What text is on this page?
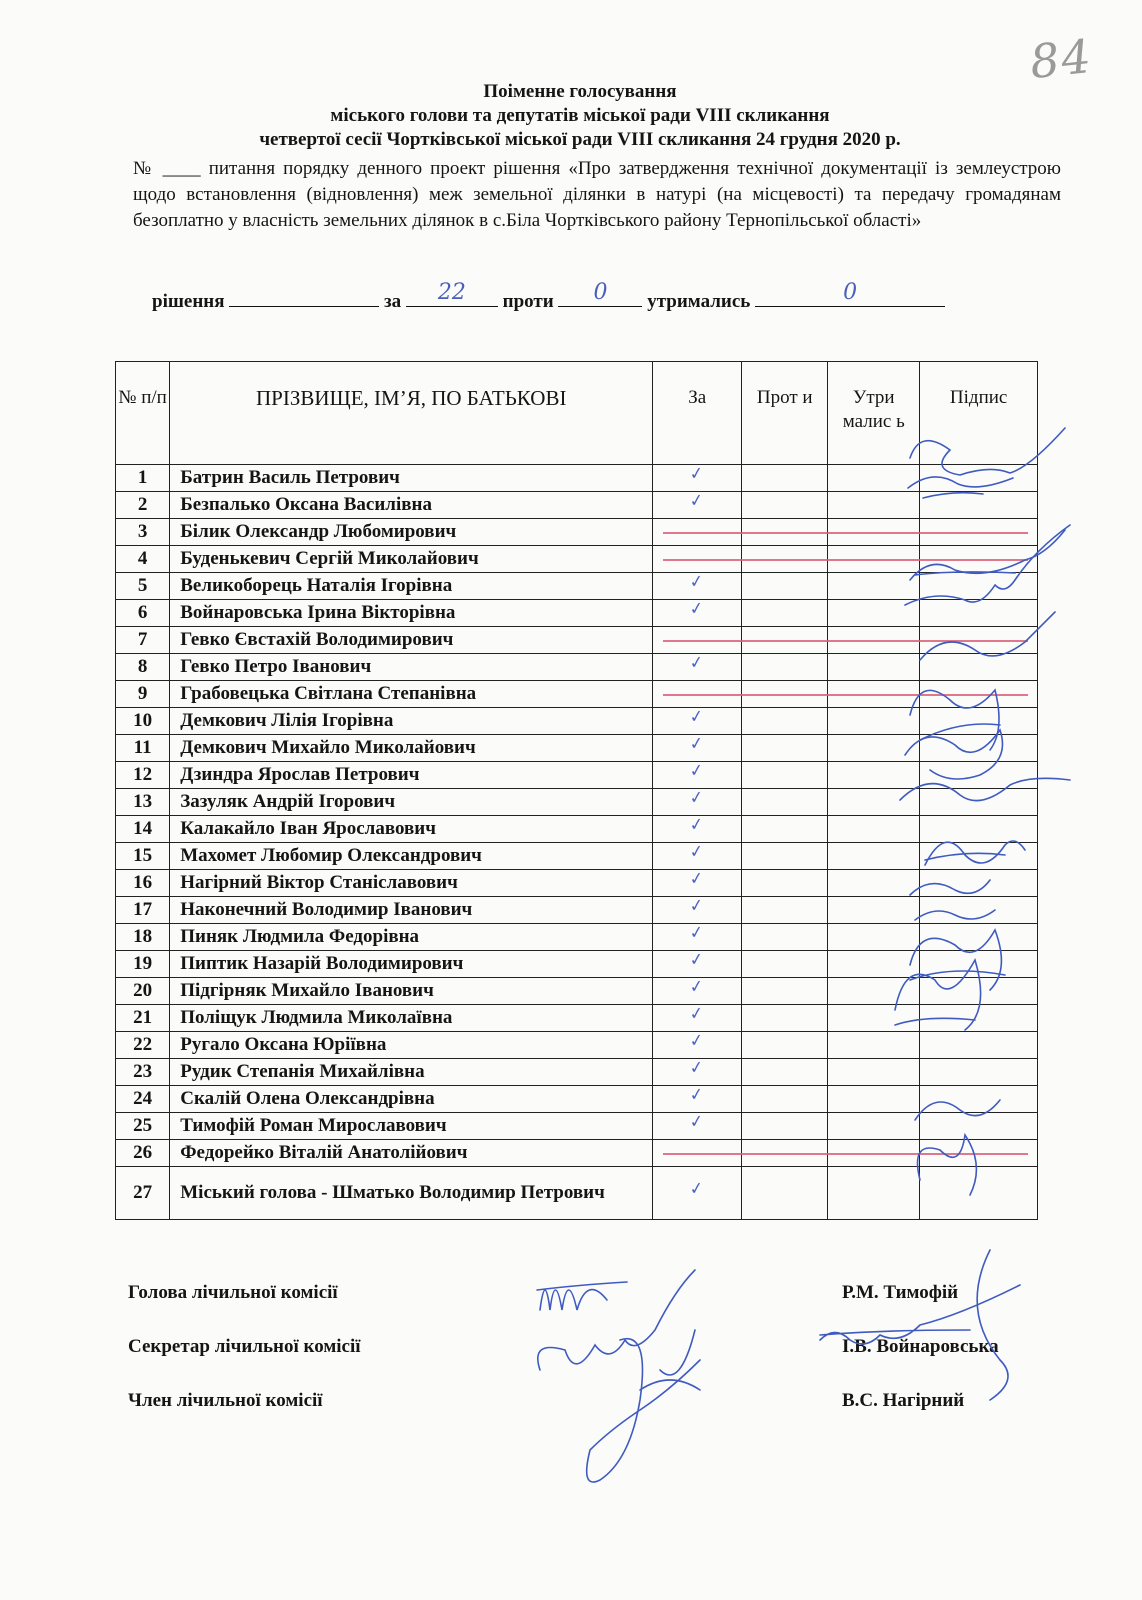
84
Поіменне голосування
міського голови та депутатів міської ради VIII скликання
четвертої сесії Чортківської міської ради VIII скликання 24 грудня 2020 р.
№ ____ питання порядку денного проект рішення «Про затвердження технічної документації із землеустрою щодо встановлення (відновлення) меж земельної ділянки в натурі (на місцевості) та передачу громадянам безоплатно у власність земельних ділянок в с.Біла Чортківського району Тернопільської області»
рішення	за	22	проти	0	утримались	0
№ п/п	ПРІЗВИЩЕ, ІМ’Я, ПО БАТЬКОВІ	За	Прот и	Утри малис ь	Підпис
1	Батрин Василь Петрович	✓			
2	Безпалько Оксана Василівна	✓			
3	Білик Олександр Любомирович				
4	Буденькевич Сергій Миколайович				
5	Великоборець Наталія Ігорівна	✓			
6	Войнаровська Ірина Вікторівна	✓			
7	Гевко Євстахій Володимирович				
8	Гевко Петро Іванович	✓			
9	Грабовецька Світлана Степанівна				
10	Демкович Лілія Ігорівна	✓			
11	Демкович Михайло Миколайович	✓			
12	Дзиндра Ярослав Петрович	✓			
13	Зазуляк Андрій Ігорович	✓			
14	Калакайло Іван Ярославович	✓			
15	Махомет Любомир Олександрович	✓			
16	Нагірний Віктор Станіславович	✓			
17	Наконечний Володимир Іванович	✓			
18	Пиняк Людмила Федорівна	✓			
19	Пиптик Назарій Володимирович	✓			
20	Підгірняк Михайло Іванович	✓			
21	Поліщук Людмила Миколаївна	✓			
22	Ругало Оксана Юріївна	✓			
23	Рудик Степанія Михайлівна	✓			
24	Скалій Олена Олександрівна	✓			
25	Тимофій Роман Мирославович	✓			
26	Федорейко Віталій Анатолійович				
27	Міський голова - Шматько Володимир Петрович	✓			
Голова лічильної комісії	Р.М. Тимофій
Секретар лічильної комісії	І.В. Войнаровська
Член лічильної комісії	В.С. Нагірний
